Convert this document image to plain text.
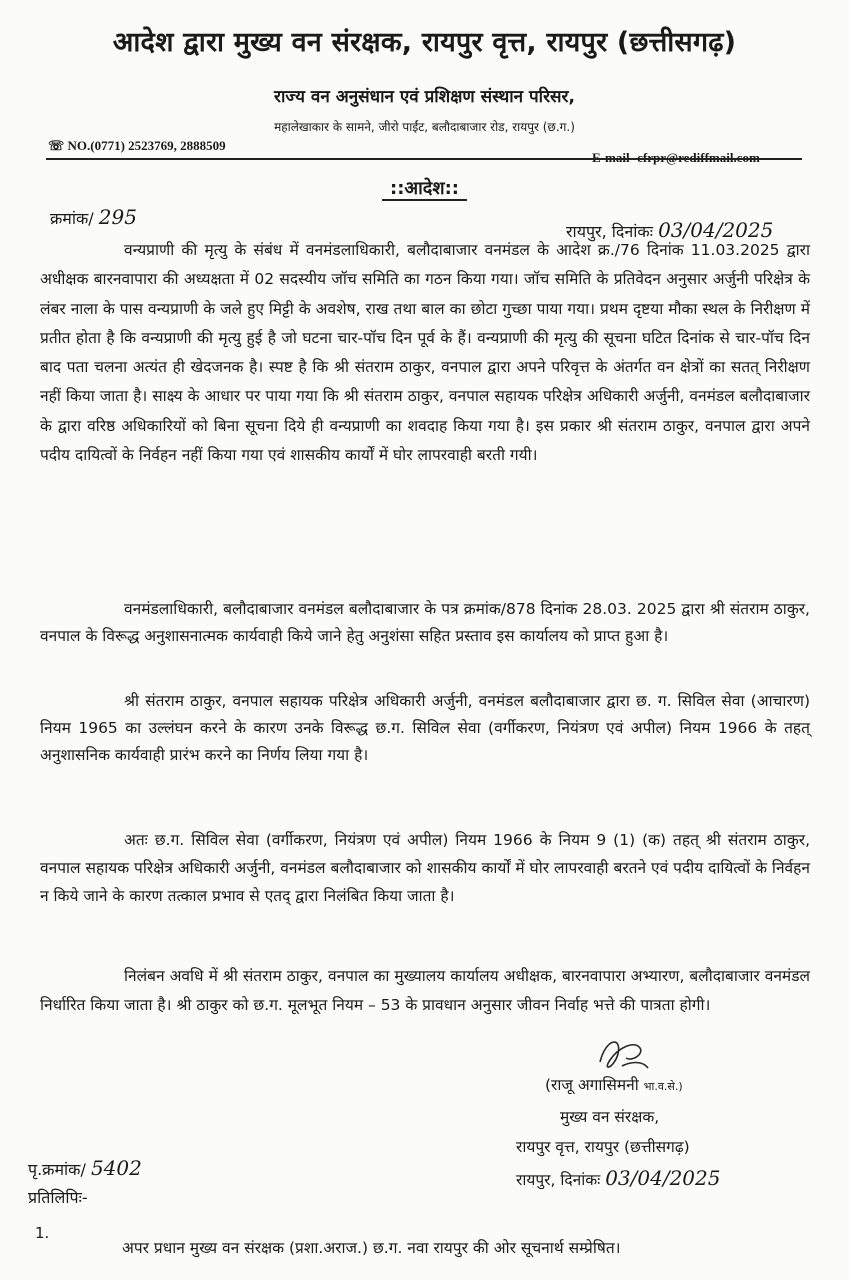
आदेश द्वारा मुख्य वन संरक्षक, रायपुर वृत्त, रायपुर (छत्तीसगढ़)
राज्य वन अनुसंधान एवं प्रशिक्षण संस्थान परिसर,
महालेखाकार के सामने, जीरो पाईंट, बलौदाबाजार रोड, रायपुर (छ.ग.)
☏ NO.(0771) 2523769, 2888509
::आदेश::
क्रमांक/ 295
रायपुर, दिनांकः 03/04/2025

वन्यप्राणी की मृत्यु के संबंध में वनमंडलाधिकारी, बलौदाबाजार वनमंडल के आदेश क्र./76 दिनांक 11.03.2025 द्वारा अधीक्षक बारनवापारा की अध्यक्षता में 02 सदस्यीय जॉच समिति का गठन किया गया। जॉच समिति के प्रतिवेदन अनुसार अर्जुनी परिक्षेत्र के लंबर नाला के पास वन्यप्राणी के जले हुए मिट्टी के अवशेष, राख तथा बाल का छोटा गुच्छा पाया गया। प्रथम दृष्टया मौका स्थल के निरीक्षण में प्रतीत होता है कि वन्यप्राणी की मृत्यु हुई है जो घटना चार-पॉच दिन पूर्व के हैं। वन्यप्राणी की मृत्यु की सूचना घटित दिनांक से चार-पॉच दिन बाद पता चलना अत्यंत ही खेदजनक है। स्पष्ट है कि श्री संतराम ठाकुर, वनपाल द्वारा अपने परिवृत्त के अंतर्गत वन क्षेत्रों का सतत् निरीक्षण नहीं किया जाता है। साक्ष्य के आधार पर पाया गया कि श्री संतराम ठाकुर, वनपाल सहायक परिक्षेत्र अधिकारी अर्जुनी, वनमंडल बलौदाबाजार के द्वारा वरिष्ठ अधिकारियों को बिना सूचना दिये ही वन्यप्राणी का शवदाह किया गया है। इस प्रकार श्री संतराम ठाकुर, वनपाल द्वारा अपने पदीय दायित्वों के निर्वहन नहीं किया गया एवं शासकीय कार्यों में घोर लापरवाही बरती गयी।

वनमंडलाधिकारी, बलौदाबाजार वनमंडल बलौदाबाजार के पत्र क्रमांक/878 दिनांक 28.03. 2025 द्वारा श्री संतराम ठाकुर, वनपाल के विरूद्ध अनुशासनात्मक कार्यवाही किये जाने हेतु अनुशंसा सहित प्रस्ताव इस कार्यालय को प्राप्त हुआ है।

श्री संतराम ठाकुर, वनपाल सहायक परिक्षेत्र अधिकारी अर्जुनी, वनमंडल बलौदाबाजार द्वारा छ. ग. सिविल सेवा (आचारण) नियम 1965 का उल्लंघन करने के कारण उनके विरूद्ध छ.ग. सिविल सेवा (वर्गीकरण, नियंत्रण एवं अपील) नियम 1966 के तहत् अनुशासनिक कार्यवाही प्रारंभ करने का निर्णय लिया गया है।

अतः छ.ग. सिविल सेवा (वर्गीकरण, नियंत्रण एवं अपील) नियम 1966 के नियम 9 (1) (क) तहत् श्री संतराम ठाकुर, वनपाल सहायक परिक्षेत्र अधिकारी अर्जुनी, वनमंडल बलौदाबाजार को शासकीय कार्यों में घोर लापरवाही बरतने एवं पदीय दायित्वों के निर्वहन न किये जाने के कारण तत्काल प्रभाव से एतद् द्वारा निलंबित किया जाता है।

निलंबन अवधि में श्री संतराम ठाकुर, वनपाल का मुख्यालय कार्यालय अधीक्षक, बारनवापारा अभ्यारण, बलौदाबाजार वनमंडल निर्धारित किया जाता है। श्री ठाकुर को छ.ग. मूलभूत नियम – 53 के प्रावधान अनुसार जीवन निर्वाह भत्ते की पात्रता होगी।

(राजू अगासिमनी भा.व.से.)
मुख्य वन संरक्षक,
रायपुर वृत्त, रायपुर (छत्तीसगढ़)
रायपुर, दिनांकः 03/04/2025
पृ.क्रमांक/ 5402
प्रतिलिपिः-
1.
अपर प्रधान मुख्य वन संरक्षक (प्रशा.अराज.) छ.ग. नवा रायपुर की ओर सूचनार्थ सम्प्रेषित।
